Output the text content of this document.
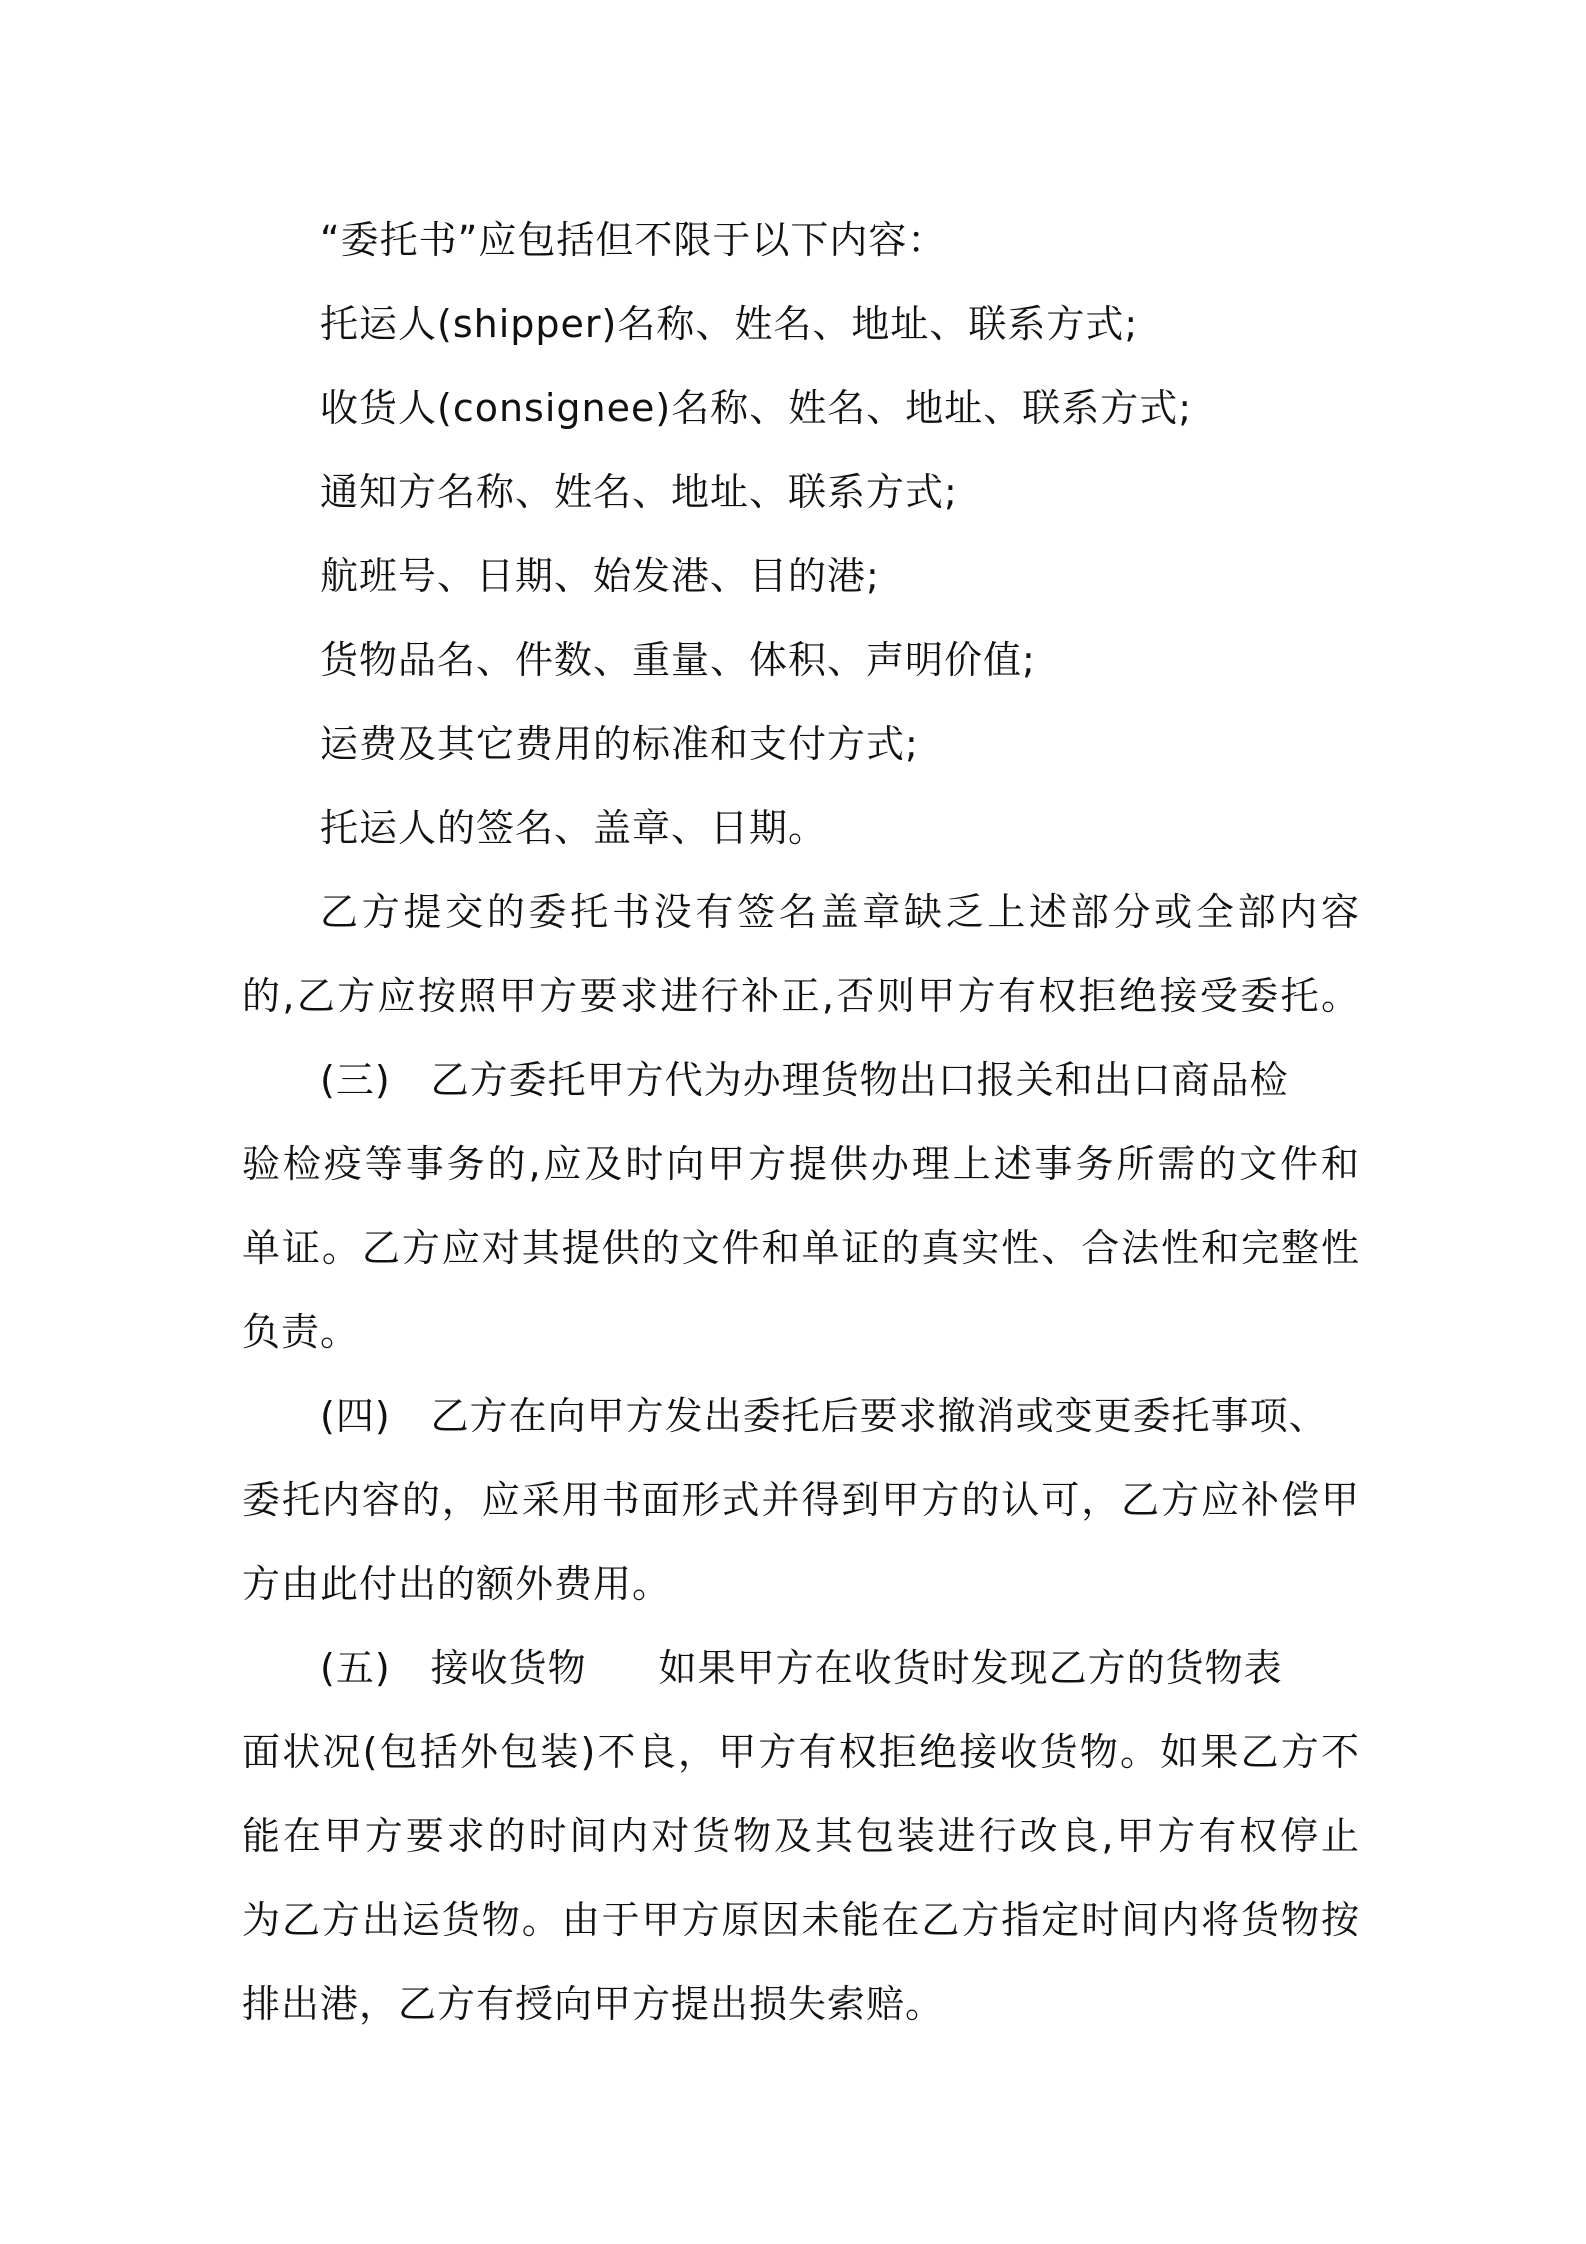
“委托书”应包括但不限于以下内容：
托运人(shipper)名称、姓名、地址、联系方式;
收货人(consignee)名称、姓名、地址、联系方式;
通知方名称、姓名、地址、联系方式;
航班号、日期、始发港、目的港;
货物品名、件数、重量、体积、声明价值;
运费及其它费用的标准和支付方式;
托运人的签名、盖章、日期。
乙方提交的委托书没有签名盖章缺乏上述部分或全部内容
的,乙方应按照甲方要求进行补正,否则甲方有权拒绝接受委托。
(三) 乙方委托甲方代为办理货物出口报关和出口商品检
验检疫等事务的,应及时向甲方提供办理上述事务所需的文件和
单证。乙方应对其提供的文件和单证的真实性、合法性和完整性
负责。
(四) 乙方在向甲方发出委托后要求撤消或变更委托事项、
委托内容的，应采用书面形式并得到甲方的认可，乙方应补偿甲
方由此付出的额外费用。
(五) 接收货物 如果甲方在收货时发现乙方的货物表
面状况(包括外包装)不良，甲方有权拒绝接收货物。如果乙方不
能在甲方要求的时间内对货物及其包装进行改良,甲方有权停止
为乙方出运货物。由于甲方原因未能在乙方指定时间内将货物按
排出港，乙方有授向甲方提出损失索赔。
